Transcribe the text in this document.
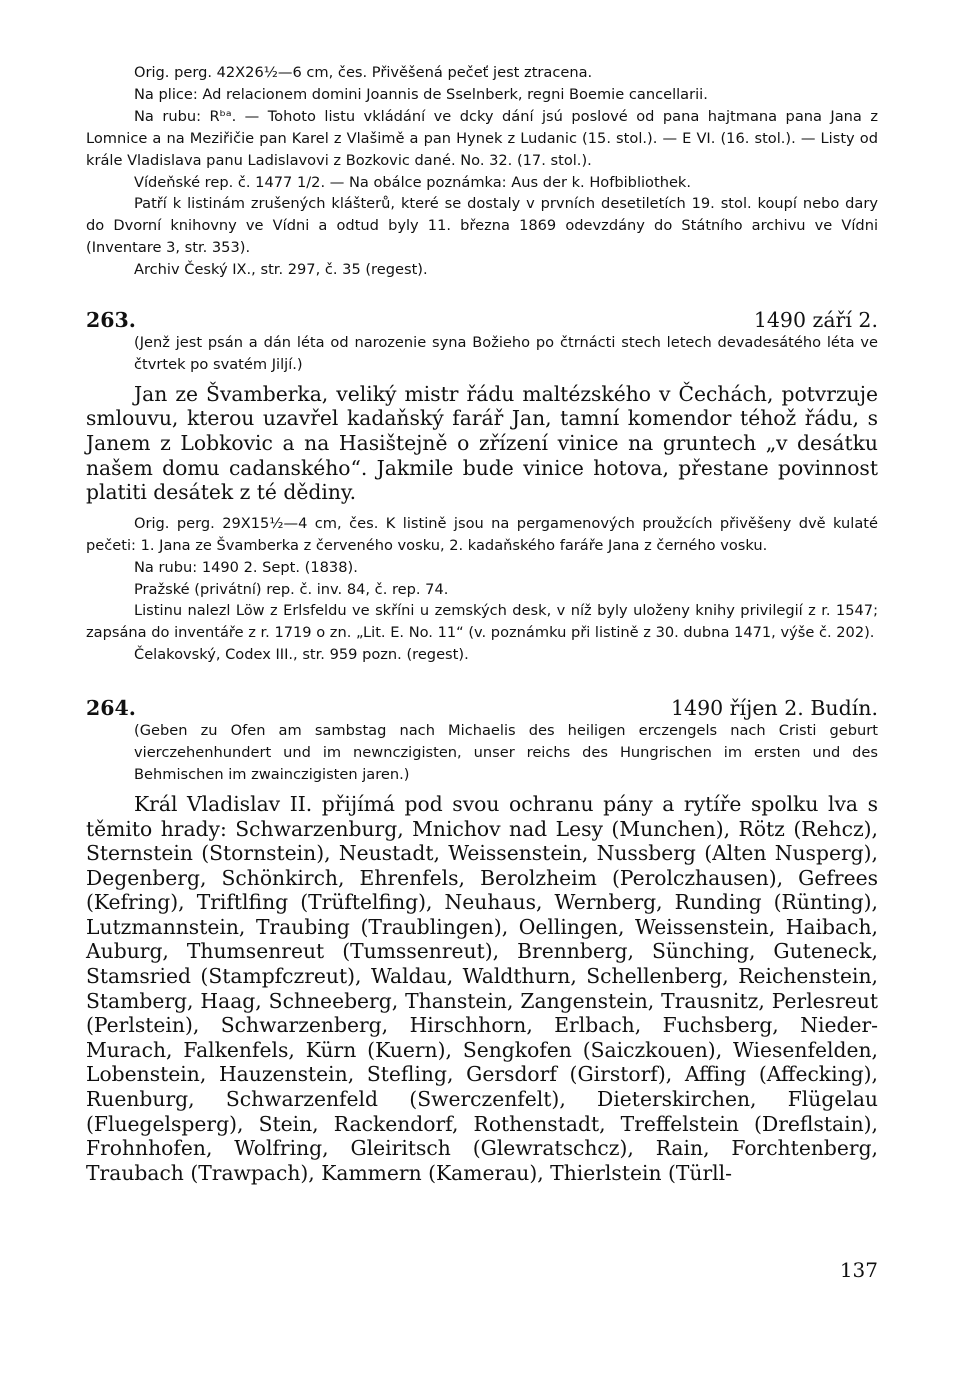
Orig. perg. 42X26½—6 cm, čes. Přivěšená pečeť jest ztracena.

Na plice: Ad relacionem domini Joannis de Sselnberk, regni Boemie cancellarii.

Na rubu: Rᵇᵃ. — Tohoto listu vkládání ve dcky dání jsú poslové od pana hajtmana pana Jana z Lomnice a na Meziřičie pan Karel z Vlašimě a pan Hynek z Ludanic (15. stol.). — E VI. (16. stol.). — Listy od krále Vladislava panu Ladislavovi z Bozkovic dané. No. 32. (17. stol.).

Vídeňské rep. č. 1477 1/2. — Na obálce poznámka: Aus der k. Hofbibliothek.

Patří k listinám zrušených klášterů, které se dostaly v prvních desetiletích 19. stol. koupí nebo dary do Dvorní knihovny ve Vídni a odtud byly 11. března 1869 odevzdány do Státního archivu ve Vídni (Inventare 3, str. 353).

Archiv Český IX., str. 297, č. 35 (regest).

263.	1490 září 2.

(Jenž jest psán a dán léta od narozenie syna Božieho po čtrnácti stech letech devadesátého léta ve čtvrtek po svatém Jiljí.)

Jan ze Švamberka, veliký mistr řádu maltézského v Čechách, potvrzuje smlouvu, kterou uzavřel kadaňský farář Jan, tamní komendor téhož řádu, s Janem z Lobkovic a na Hasištejně o zřízení vinice na gruntech „v desátku našem domu cadanského“. Jakmile bude vinice hotova, přestane povinnost platiti desátek z té dědiny.

Orig. perg. 29X15½—4 cm, čes. K listině jsou na pergamenových proužcích přivěšeny dvě kulaté pečeti: 1. Jana ze Švamberka z červeného vosku, 2. kadaňského faráře Jana z černého vosku.

Na rubu: 1490 2. Sept. (1838).

Pražské (privátní) rep. č. inv. 84, č. rep. 74.

Listinu nalezl Löw z Erlsfeldu ve skříni u zemských desk, v níž byly uloženy knihy privilegií z r. 1547; zapsána do inventáře z r. 1719 o zn. „Lit. E. No. 11“ (v. poznámku při listině z 30. dubna 1471, výše č. 202).

Čelakovský, Codex III., str. 959 pozn. (regest).

264.	1490 říjen 2. Budín.

(Geben zu Ofen am sambstag nach Michaelis des heiligen erczengels nach Cristi geburt vierczehenhundert und im newnczigisten, unser reichs des Hungrischen im ersten und des Behmischen im zwainczigisten jaren.)

Král Vladislav II. přijímá pod svou ochranu pány a rytíře spolku lva s těmito hrady: Schwarzenburg, Mnichov nad Lesy (Munchen), Rötz (Rehcz), Sternstein (Stornstein), Neustadt, Weissenstein, Nussberg (Alten Nusperg), Degenberg, Schönkirch, Ehrenfels, Berolzheim (Perolczhausen), Gefrees (Kefring), Triftlfing (Trüftelfing), Neuhaus, Wernberg, Runding (Rünting), Lutzmannstein, Traubing (Traublingen), Oellingen, Weissenstein, Haibach, Auburg, Thumsenreut (Tumssenreut), Brennberg, Sünching, Guteneck, Stamsried (Stampfczreut), Waldau, Waldthurn, Schellenberg, Reichenstein, Stamberg, Haag, Schneeberg, Thanstein, Zangenstein, Trausnitz, Perlesreut (Perlstein), Schwarzenberg, Hirschhorn, Erlbach, Fuchsberg, Nieder-Murach, Falkenfels, Kürn (Kuern), Sengkofen (Saiczkouen), Wiesenfelden, Lobenstein, Hauzenstein, Stefling, Gersdorf (Girstorf), Affing (Affecking), Ruenburg, Schwarzenfeld (Swerczenfelt), Dieterskirchen, Flügelau (Fluegelsperg), Stein, Rackendorf, Rothenstadt, Treffelstein (Dreflstain), Frohnhofen, Wolfring, Gleiritsch (Glewratschcz), Rain, Forchtenberg, Traubach (Trawpach), Kammern (Kamerau), Thierlstein (Türll-

137
